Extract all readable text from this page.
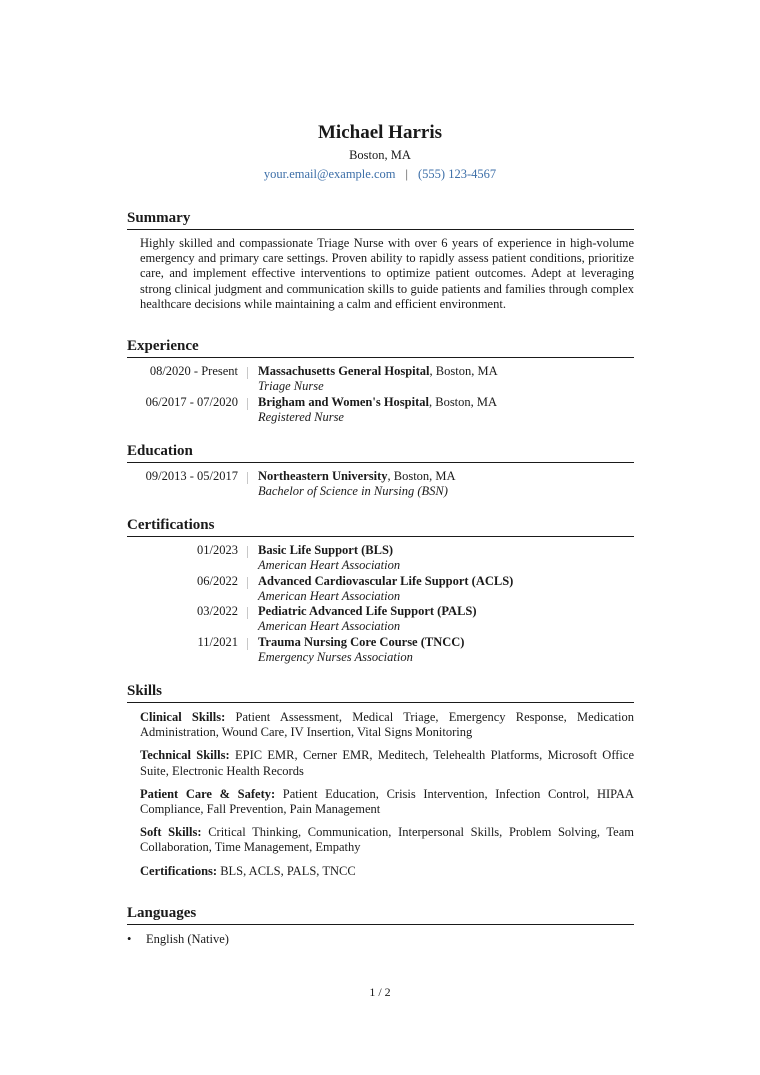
Michael Harris
Boston, MA
your.email@example.com | (555) 123-4567
Summary
Highly skilled and compassionate Triage Nurse with over 6 years of experience in high-volume emergency and primary care settings. Proven ability to rapidly assess patient conditions, prioritize care, and implement effective interventions to optimize patient outcomes. Adept at leveraging strong clinical judgment and communication skills to guide patients and families through complex healthcare decisions while maintaining a calm and efficient environment.
Experience
08/2020 - Present Massachusetts General Hospital, Boston, MA
Triage Nurse
06/2017 - 07/2020 Brigham and Women's Hospital, Boston, MA
Registered Nurse
Education
09/2013 - 05/2017 Northeastern University, Boston, MA
Bachelor of Science in Nursing (BSN)
Certifications
01/2023 Basic Life Support (BLS)
American Heart Association
06/2022 Advanced Cardiovascular Life Support (ACLS)
American Heart Association
03/2022 Pediatric Advanced Life Support (PALS)
American Heart Association
11/2021 Trauma Nursing Core Course (TNCC)
Emergency Nurses Association
Skills
Clinical Skills: Patient Assessment, Medical Triage, Emergency Response, Medication Administration, Wound Care, IV Insertion, Vital Signs Monitoring
Technical Skills: EPIC EMR, Cerner EMR, Meditech, Telehealth Platforms, Microsoft Office Suite, Electronic Health Records
Patient Care & Safety: Patient Education, Crisis Intervention, Infection Control, HIPAA Compliance, Fall Prevention, Pain Management
Soft Skills: Critical Thinking, Communication, Interpersonal Skills, Problem Solving, Team Collaboration, Time Management, Empathy
Certifications: BLS, ACLS, PALS, TNCC
Languages
• English (Native)
1 / 2
